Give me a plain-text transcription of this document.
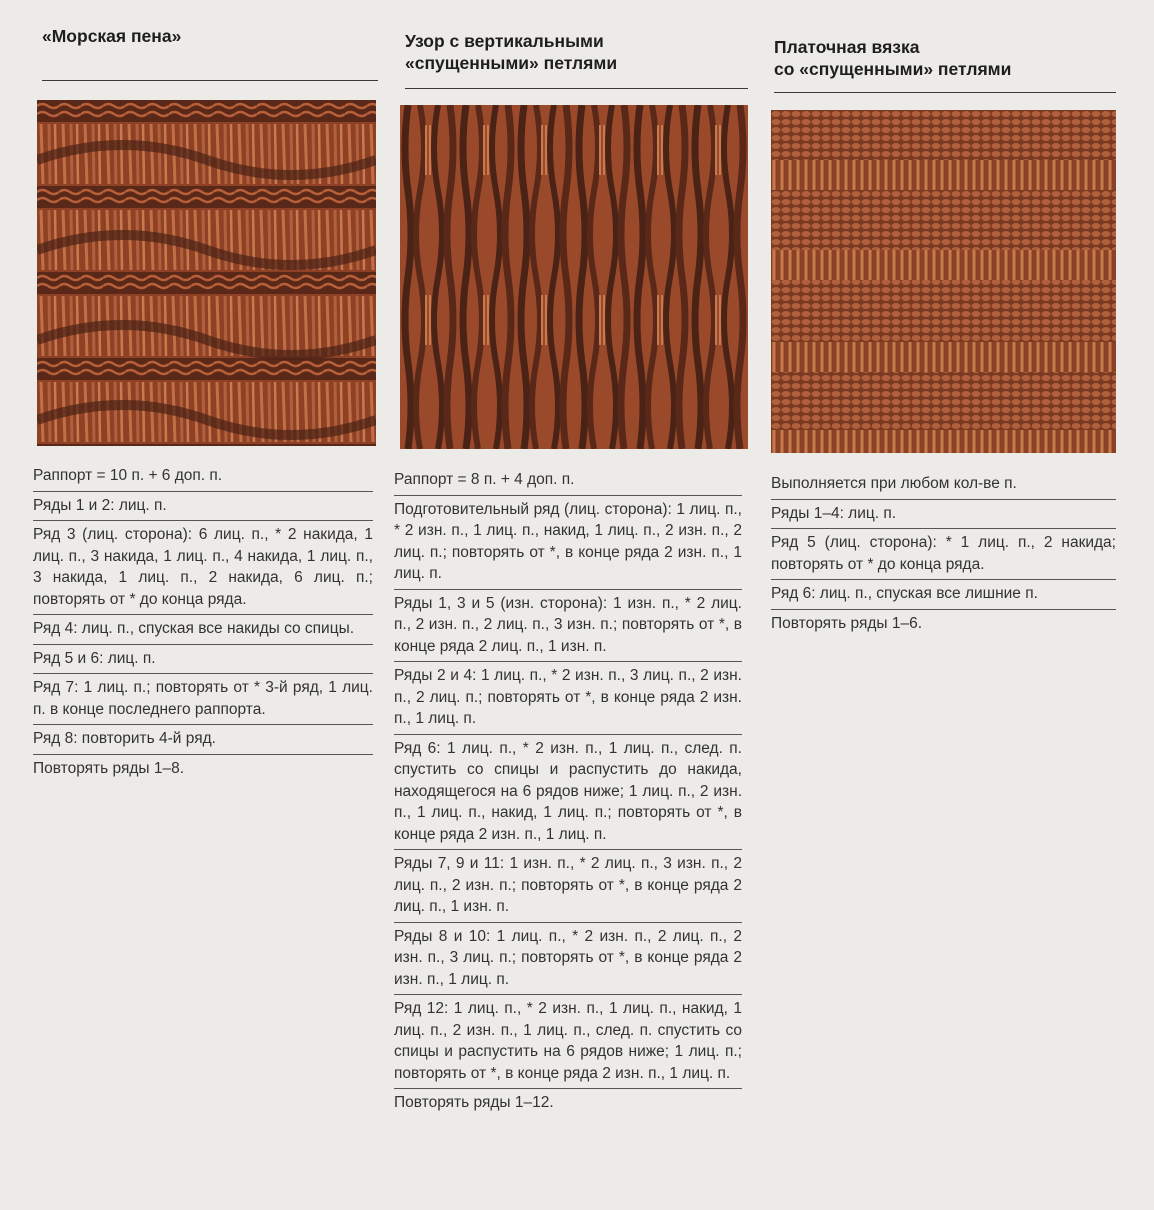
«Морская пена»
Раппорт = 10 п. + 6 доп. п.
Ряды 1 и 2: лиц. п.
Ряд 3 (лиц. сторона): 6 лиц. п., * 2 накида, 1 лиц. п., 3 накида, 1 лиц. п., 4 накида, 1 лиц. п., 3 накида, 1 лиц. п., 2 накида, 6 лиц. п.; повторять от * до конца ряда.
Ряд 4: лиц. п., спуская все накиды со спицы.
Ряд 5 и 6: лиц. п.
Ряд 7: 1 лиц. п.; повторять от * 3-й ряд, 1 лиц. п. в конце последнего раппорта.
Ряд 8: повторить 4-й ряд.
Повторять ряды 1–8.
Узор с вертикальными «спущенными» петлями
Раппорт = 8 п. + 4 доп. п.
Подготовительный ряд (лиц. сторона): 1 лиц. п., * 2 изн. п., 1 лиц. п., накид, 1 лиц. п., 2 изн. п., 2 лиц. п.; повторять от *, в конце ряда 2 изн. п., 1 лиц. п.
Ряды 1, 3 и 5 (изн. сторона): 1 изн. п., * 2 лиц. п., 2 изн. п., 2 лиц. п., 3 изн. п.; повторять от *, в конце ряда 2 лиц. п., 1 изн. п.
Ряды 2 и 4: 1 лиц. п., * 2 изн. п., 3 лиц. п., 2 изн. п., 2 лиц. п.; повторять от *, в конце ряда 2 изн. п., 1 лиц. п.
Ряд 6: 1 лиц. п., * 2 изн. п., 1 лиц. п., след. п. спустить со спицы и распустить до накида, находящегося на 6 рядов ниже; 1 лиц. п., 2 изн. п., 1 лиц. п., накид, 1 лиц. п.; повторять от *, в конце ряда 2 изн. п., 1 лиц. п.
Ряды 7, 9 и 11: 1 изн. п., * 2 лиц. п., 3 изн. п., 2 лиц. п., 2 изн. п.; повторять от *, в конце ряда 2 лиц. п., 1 изн. п.
Ряды 8 и 10: 1 лиц. п., * 2 изн. п., 2 лиц. п., 2 изн. п., 3 лиц. п.; повторять от *, в конце ряда 2 изн. п., 1 лиц. п.
Ряд 12: 1 лиц. п., * 2 изн. п., 1 лиц. п., накид, 1 лиц. п., 2 изн. п., 1 лиц. п., след. п. спустить со спицы и распустить на 6 рядов ниже; 1 лиц. п.; повторять от *, в конце ряда 2 изн. п., 1 лиц. п.
Повторять ряды 1–12.
Платочная вязка
со «спущенными» петлями
Выполняется при любом кол-ве п.
Ряды 1–4: лиц. п.
Ряд 5 (лиц. сторона): * 1 лиц. п., 2 накида; повторять от * до конца ряда.
Ряд 6: лиц. п., спуская все лишние п.
Повторять ряды 1–6.
